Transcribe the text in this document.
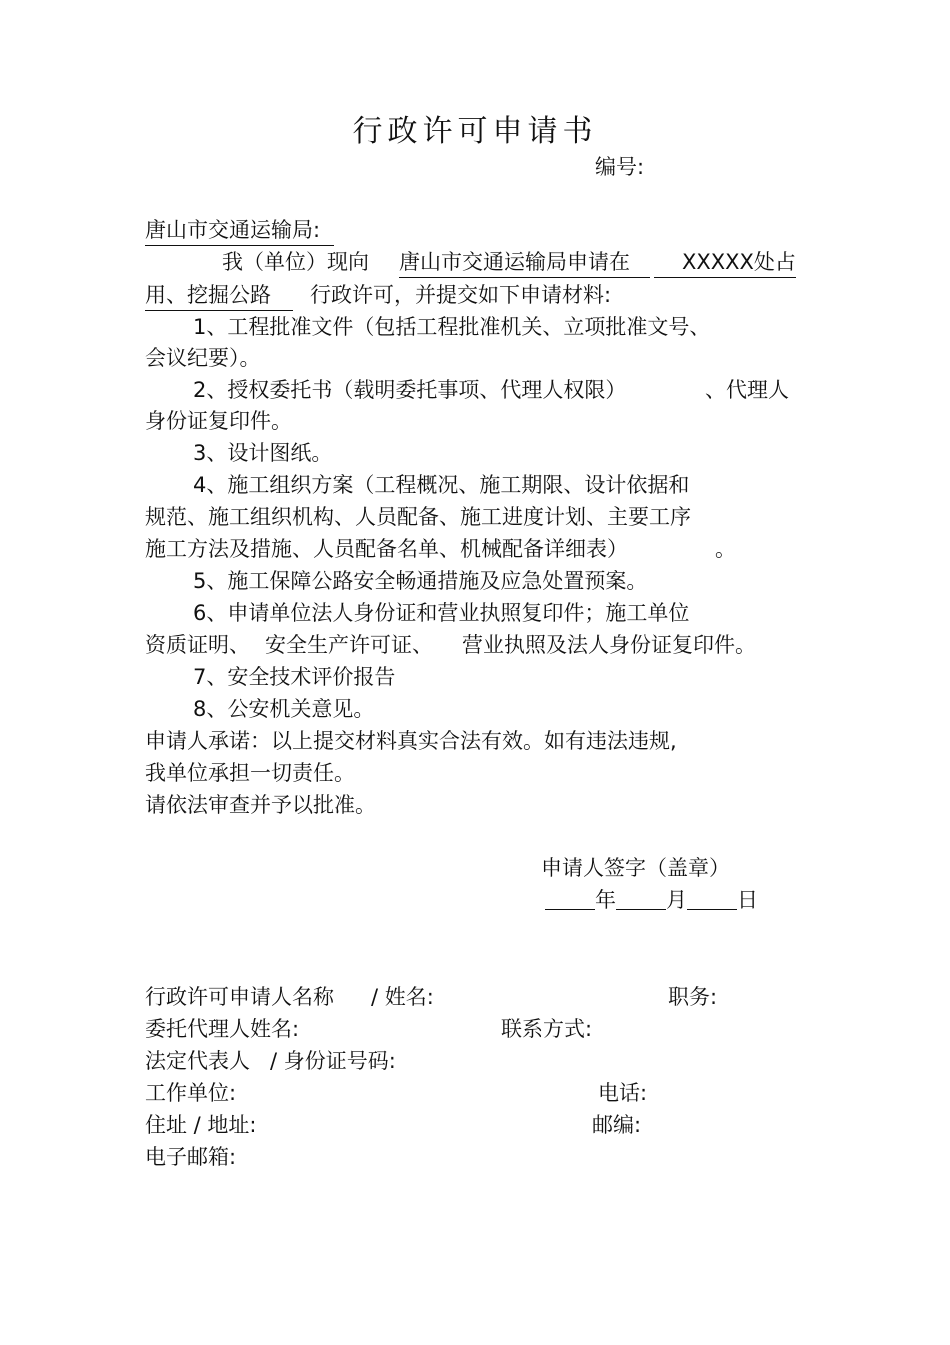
行政许可申请书
编号:
唐山市交通运输局:
我（单位）现向 唐山市交通运输局申请在	XXXXX处占
用、挖掘公路	行政许可，并提交如下申请材料:
1、工程批准文件（包括工程批准机关、立项批准文号、
会议纪要）。
2、授权委托书（载明委托事项、代理人权限）	、代理人
身份证复印件。
3、设计图纸。
4、施工组织方案（工程概况、施工期限、设计依据和
规范、施工组织机构、人员配备、施工进度计划、主要工序
施工方法及措施、人员配备名单、机械配备详细表）	。
5、施工保障公路安全畅通措施及应急处置预案。
6、申请单位法人身份证和营业执照复印件；施工单位
资质证明、 安全生产许可证、 营业执照及法人身份证复印件。
7、安全技术评价报告
8、公安机关意见。
申请人承诺：以上提交材料真实合法有效。如有违法违规,
我单位承担一切责任。
请依法审查并予以批准。
申请人签字（盖章）
年 月 日
行政许可申请人名称 / 姓名:	职务:
委托代理人姓名:	联系方式:
法定代表人 / 身份证号码:
工作单位:	电话:
住址 / 地址:	邮编:
电子邮箱:
